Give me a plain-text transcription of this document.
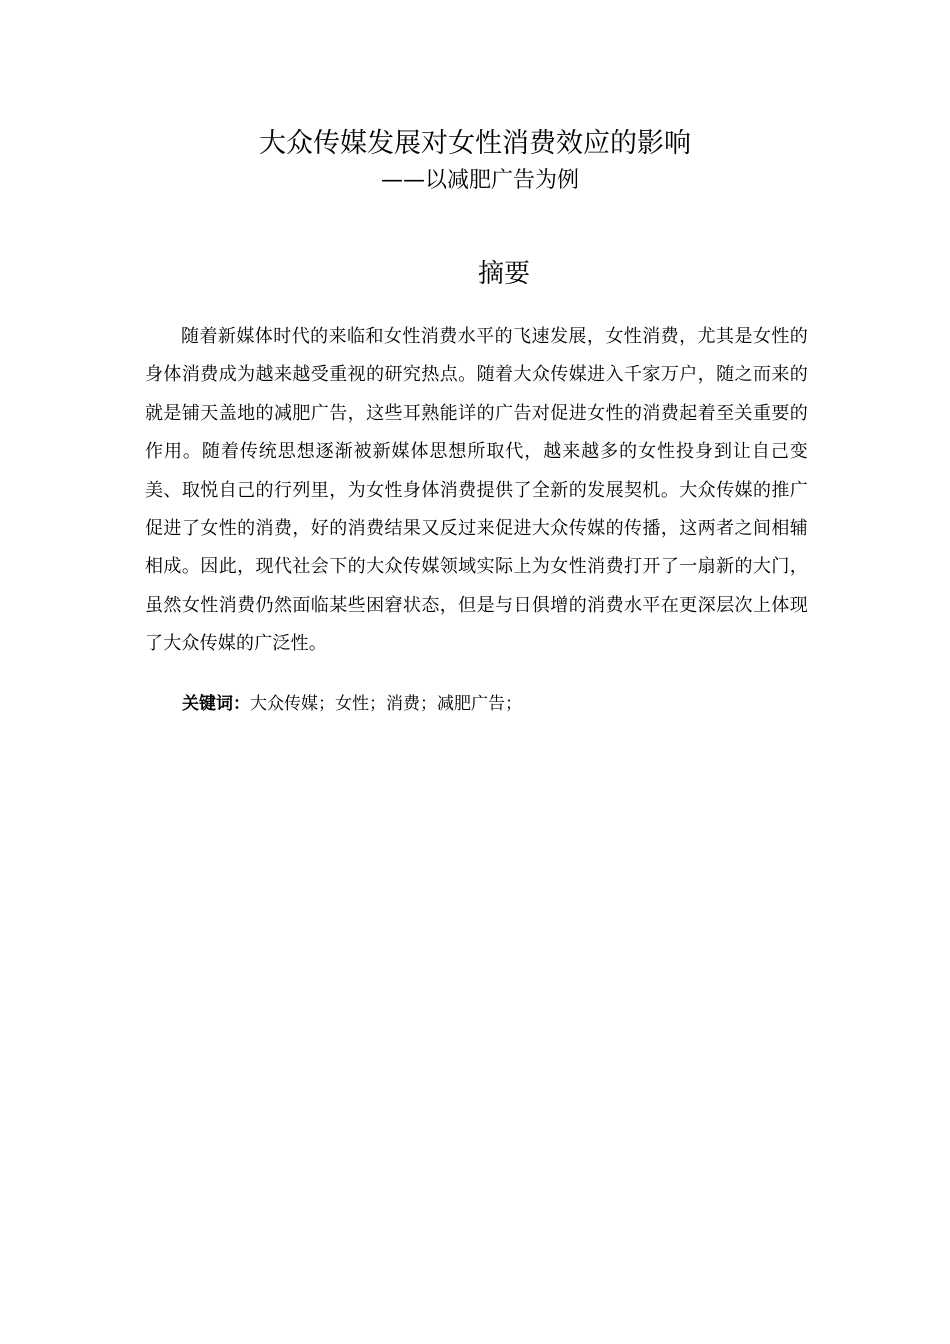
大众传媒发展对女性消费效应的影响
——以减肥广告为例
摘要

随着新媒体时代的来临和女性消费水平的飞速发展，女性消费，尤其是女性的身体消费成为越来越受重视的研究热点。随着大众传媒进入千家万户，随之而来的就是铺天盖地的减肥广告，这些耳熟能详的广告对促进女性的消费起着至关重要的作用。随着传统思想逐渐被新媒体思想所取代，越来越多的女性投身到让自己变美、取悦自己的行列里，为女性身体消费提供了全新的发展契机。大众传媒的推广促进了女性的消费，好的消费结果又反过来促进大众传媒的传播，这两者之间相辅相成。因此，现代社会下的大众传媒领域实际上为女性消费打开了一扇新的大门，虽然女性消费仍然面临某些困窘状态，但是与日俱增的消费水平在更深层次上体现了大众传媒的广泛性。

关键词：大众传媒；女性；消费；减肥广告；
